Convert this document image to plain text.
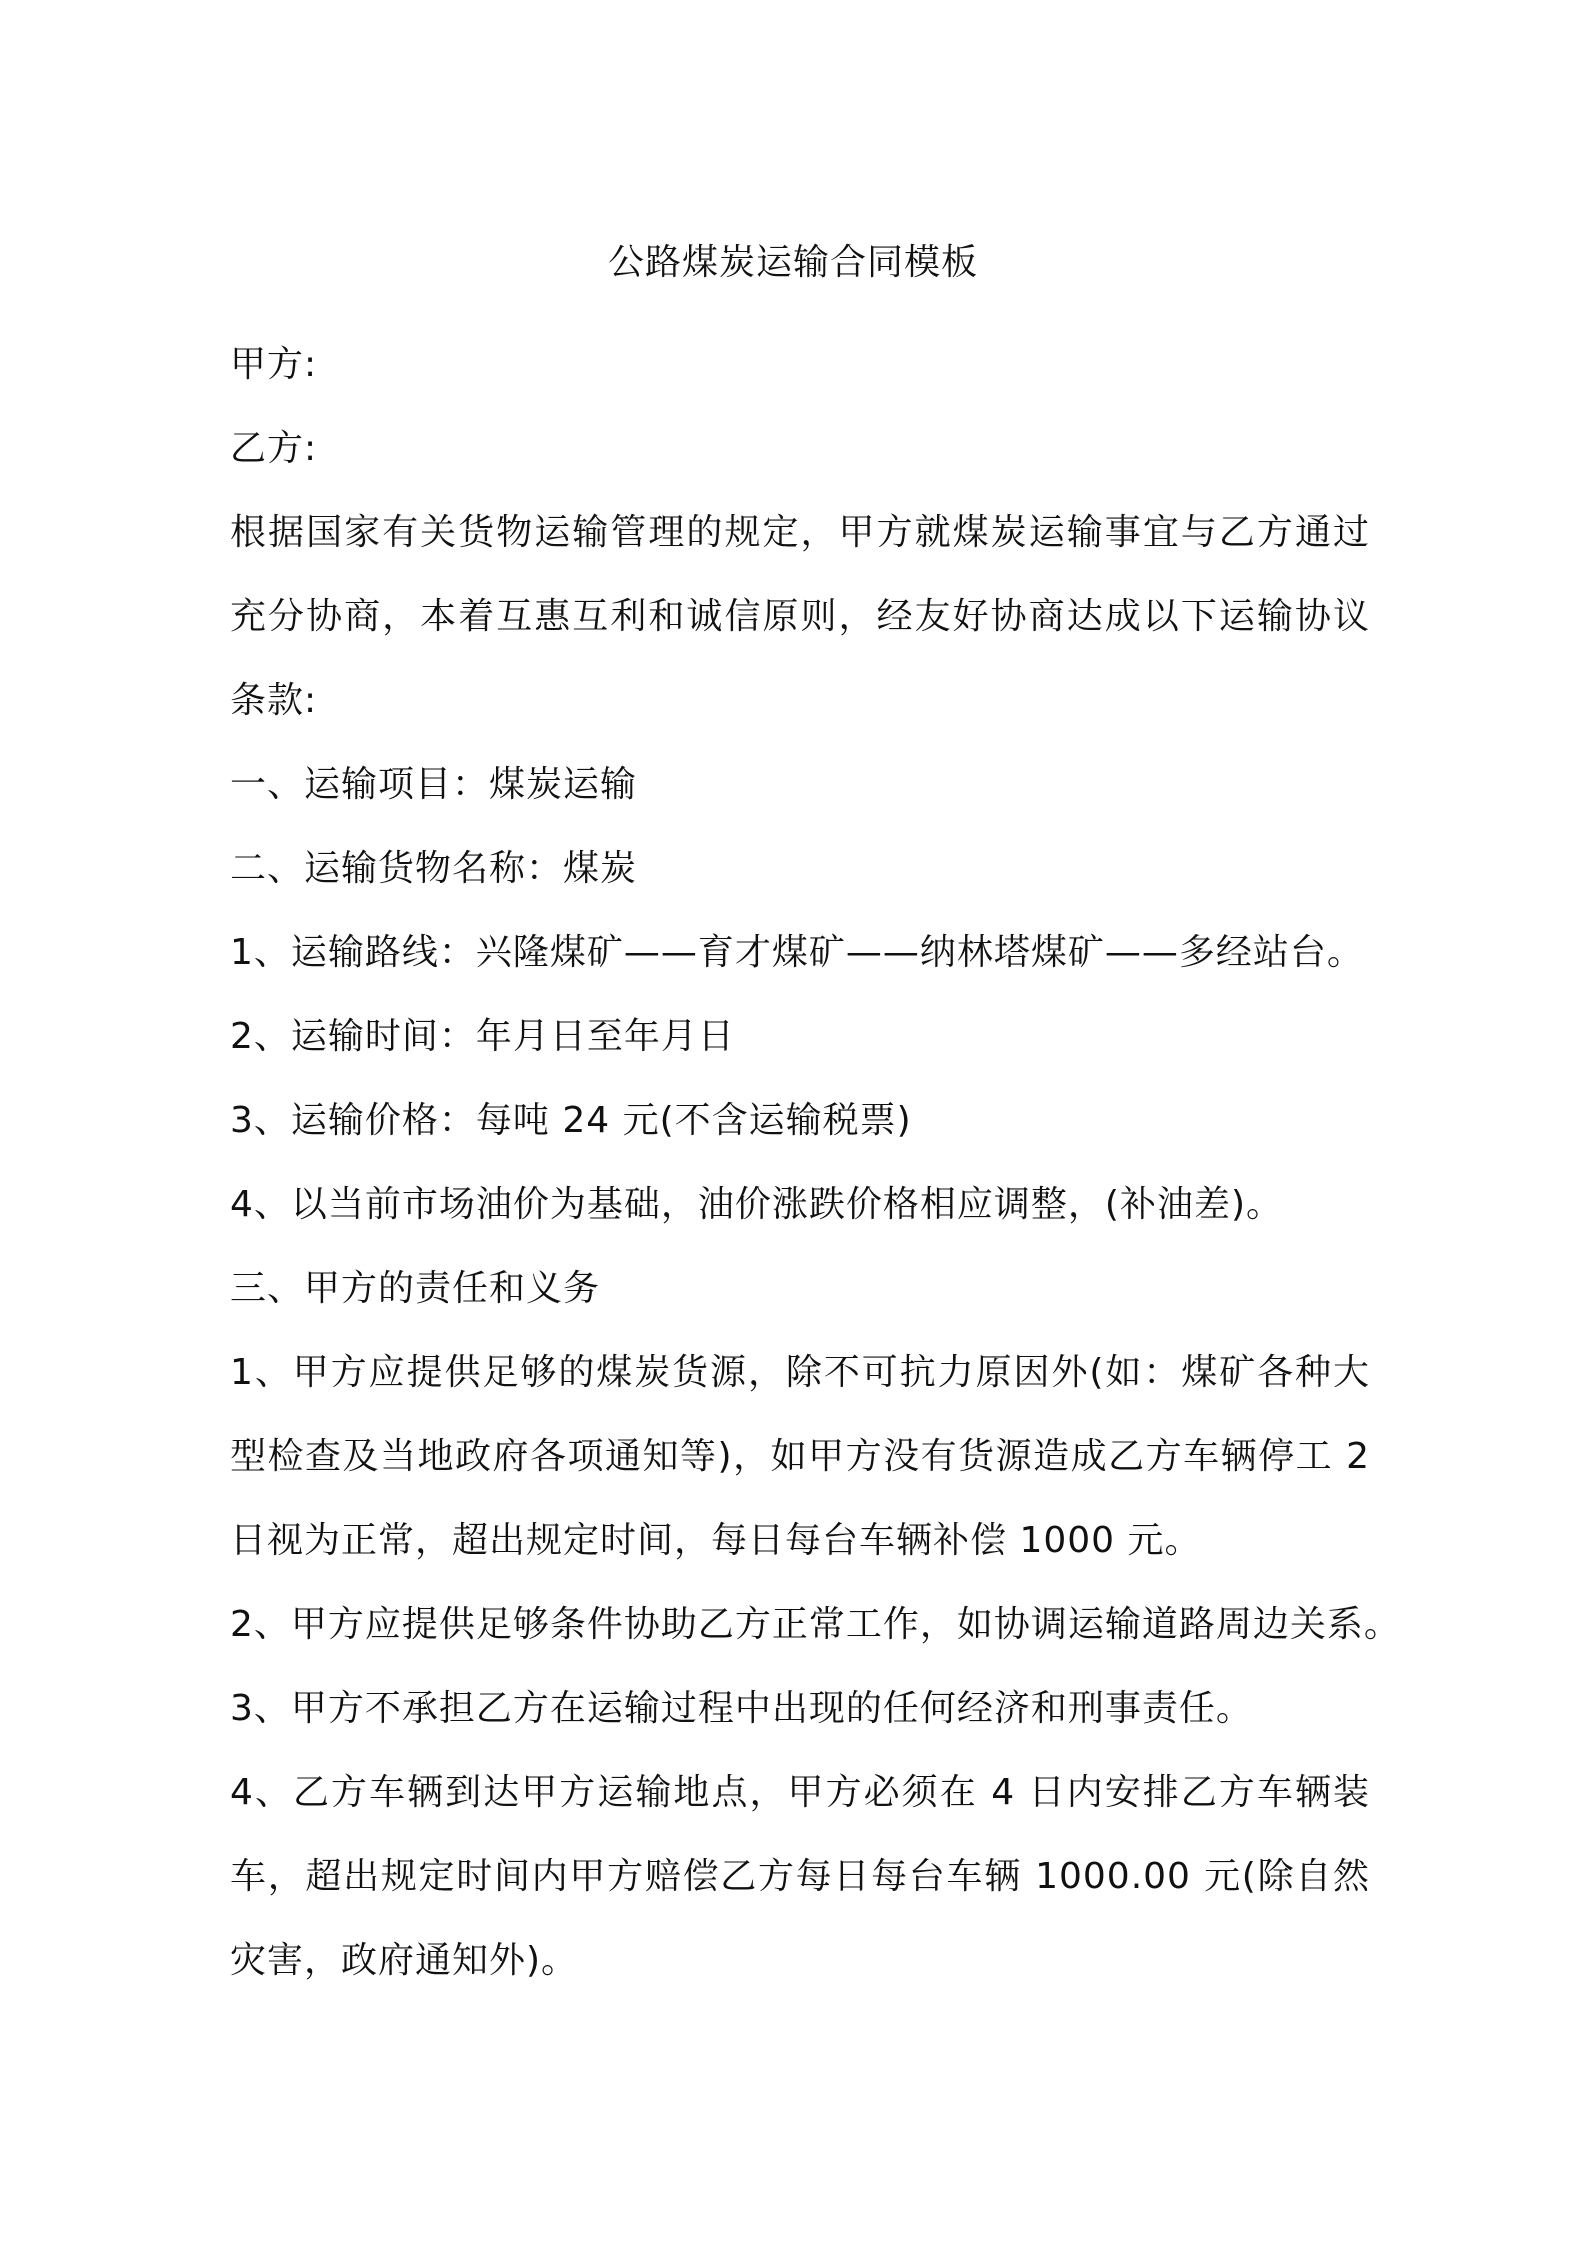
公路煤炭运输合同模板
甲方:
乙方:
根据国家有关货物运输管理的规定，甲方就煤炭运输事宜与乙方通过充分协商，本着互惠互利和诚信原则，经友好协商达成以下运输协议条款:
一、运输项目：煤炭运输
二、运输货物名称：煤炭
1、运输路线：兴隆煤矿——育才煤矿——纳林塔煤矿——多经站台。
2、运输时间：年月日至年月日
3、运输价格：每吨 24 元(不含运输税票)
4、以当前市场油价为基础，油价涨跌价格相应调整，(补油差)。
三、甲方的责任和义务
1、甲方应提供足够的煤炭货源，除不可抗力原因外(如：煤矿各种大型检查及当地政府各项通知等)，如甲方没有货源造成乙方车辆停工 2日视为正常，超出规定时间，每日每台车辆补偿 1000 元。
2、甲方应提供足够条件协助乙方正常工作，如协调运输道路周边关系。
3、甲方不承担乙方在运输过程中出现的任何经济和刑事责任。
4、乙方车辆到达甲方运输地点，甲方必须在 4 日内安排乙方车辆装车，超出规定时间内甲方赔偿乙方每日每台车辆 1000.00 元(除自然灾害，政府通知外)。
